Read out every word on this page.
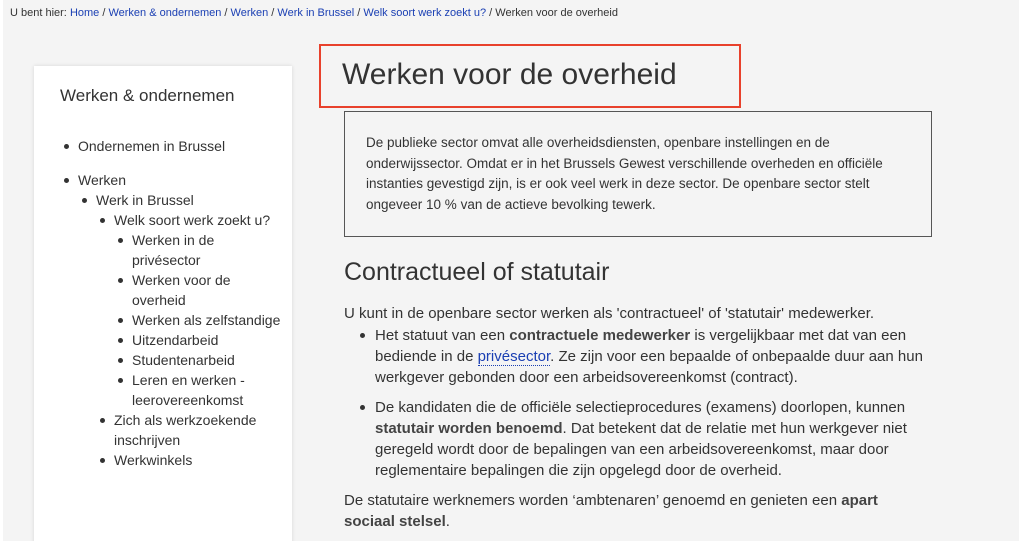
U bent hier: Home / Werken & ondernemen / Werken / Werk in Brussel / Welk soort werk zoekt u? / Werken voor de overheid
Werken & ondernemen
Ondernemen in Brussel
Werken
Werk in Brussel
Welk soort werk zoekt u?
Werken in de privésector
Werken voor de overheid
Werken als zelfstandige
Uitzendarbeid
Studentenarbeid
Leren en werken - leerovereenkomst
Zich als werkzoekende inschrijven
Werkwinkels
Werken voor de overheid

De publieke sector omvat alle overheidsdiensten, openbare instellingen en de onderwijssector. Omdat er in het Brussels Gewest verschillende overheden en officiële instanties gevestigd zijn, is er ook veel werk in deze sector. De openbare sector stelt ongeveer 10 % van de actieve bevolking tewerk.

Contractueel of statutair

U kunt in de openbare sector werken als 'contractueel' of 'statutair' medewerker.

Het statuut van een contractuele medewerker is vergelijkbaar met dat van een bediende in de privésector. Ze zijn voor een bepaalde of onbepaalde duur aan hun werkgever gebonden door een arbeidsovereenkomst (contract).
De kandidaten die de officiële selectieprocedures (examens) doorlopen, kunnen statutair worden benoemd. Dat betekent dat de relatie met hun werkgever niet geregeld wordt door de bepalingen van een arbeidsovereenkomst, maar door reglementaire bepalingen die zijn opgelegd door de overheid.

De statutaire werknemers worden ‘ambtenaren’ genoemd en genieten een apart sociaal stelsel.
